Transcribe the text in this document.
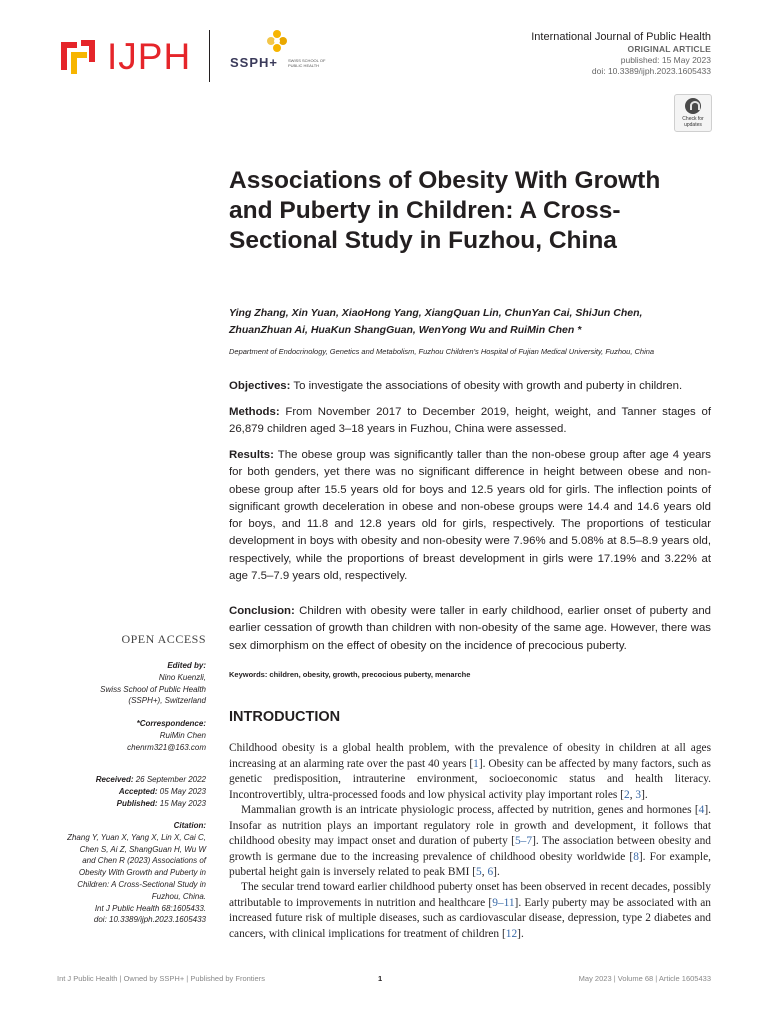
IJPH	SSPH+	SWISS SCHOOL OF PUBLIC HEALTH
International Journal of Public Health
ORIGINAL ARTICLE
published: 15 May 2023
doi: 10.3389/ijph.2023.1605433
Check for updates
Associations of Obesity With Growth and Puberty in Children: A Cross-Sectional Study in Fuzhou, China
Ying Zhang, Xin Yuan, XiaoHong Yang, XiangQuan Lin, ChunYan Cai, ShiJun Chen,
ZhuanZhuan Ai, HuaKun ShangGuan, WenYong Wu and RuiMin Chen *
Department of Endocrinology, Genetics and Metabolism, Fuzhou Children's Hospital of Fujian Medical University, Fuzhou, China

Objectives: To investigate the associations of obesity with growth and puberty in children.

Methods: From November 2017 to December 2019, height, weight, and Tanner stages of 26,879 children aged 3–18 years in Fuzhou, China were assessed.

Results: The obese group was significantly taller than the non-obese group after age 4 years for both genders, yet there was no significant difference in height between obese and non-obese group after 15.5 years old for boys and 12.5 years old for girls. The inflection points of significant growth deceleration in obese and non-obese groups were 14.4 and 14.6 years old for boys, and 11.8 and 12.8 years old for girls, respectively. The proportions of testicular development in boys with obesity and non-obesity were 7.96% and 5.08% at 8.5–8.9 years old, respectively, while the proportions of breast development in girls were 17.19% and 3.22% at age 7.5–7.9 years old, respectively.

Conclusion: Children with obesity were taller in early childhood, earlier onset of puberty and earlier cessation of growth than children with non-obesity of the same age. However, there was sex dimorphism on the effect of obesity on the incidence of precocious puberty.

Keywords: children, obesity, growth, precocious puberty, menarche
INTRODUCTION

Childhood obesity is a global health problem, with the prevalence of obesity in children at all ages increasing at an alarming rate over the past 40 years [1]. Obesity can be affected by many factors, such as genetic predisposition, intrauterine environment, socioeconomic status and health literacy. Incontrovertibly, ultra-processed foods and low physical activity play important roles [2, 3].

Mammalian growth is an intricate physiologic process, affected by nutrition, genes and hormones [4]. Insofar as nutrition plays an important regulatory role in growth and development, it follows that childhood obesity may impact onset and duration of puberty [5–7]. The association between obesity and growth is germane due to the increasing prevalence of childhood obesity worldwide [8]. For example, pubertal height gain is inversely related to peak BMI [5, 6].

The secular trend toward earlier childhood puberty onset has been observed in recent decades, possibly attributable to improvements in nutrition and healthcare [9–11]. Early puberty may be associated with an increased future risk of multiple diseases, such as cardiovascular disease, depression, type 2 diabetes and cancers, with clinical implications for treatment of children [12].

OPEN ACCESS
Edited by:
Nino Kuenzli,
Swiss School of Public Health
(SSPH+), Switzerland
*Correspondence:
RuiMin Chen
chenrm321@163.com
Received: 26 September 2022
Accepted: 05 May 2023
Published: 15 May 2023
Citation:
Zhang Y, Yuan X, Yang X, Lin X, Cai C,
Chen S, Ai Z, ShangGuan H, Wu W
and Chen R (2023) Associations of
Obesity With Growth and Puberty in
Children: A Cross-Sectional Study in
Fuzhou, China.
Int J Public Health 68:1605433.
doi: 10.3389/ijph.2023.1605433
Int J Public Health | Owned by SSPH+ | Published by Frontiers	1	May 2023 | Volume 68 | Article 1605433
